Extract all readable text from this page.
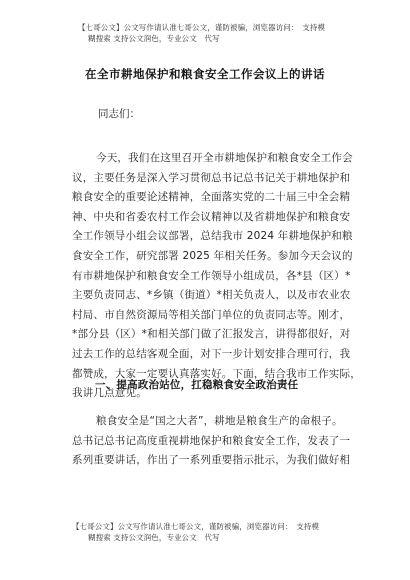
【七哥公文】公文写作请认准七哥公文，谨防被骗，浏览器访问：　支持模
糊搜索 支持公文润色，专业公文　代写
在全市耕地保护和粮食安全工作会议上的讲话
同志们：
今天，我们在这里召开全市耕地保护和粮食安全工作会
议，主要任务是深入学习贯彻总书记总书记关于耕地保护和
粮食安全的重要论述精神，全面落实党的二十届三中全会精
神、中央和省委农村工作会议精神以及省耕地保护和粮食安
全工作领导小组会议部署，总结我市 2024 年耕地保护和粮
食安全工作，研究部署 2025 年相关任务。参加今天会议的
有市耕地保护和粮食安全工作领导小组成员，各*县（区）*
主要负责同志、*乡镇（街道）*相关负责人，以及市农业农
村局、市自然资源局等相关部门单位的负责同志等。刚才，
*部分县（区）*和相关部门做了汇报发言，讲得都很好，对
过去工作的总结客观全面，对下一步计划安排合理可行，我
都赞成，大家一定要认真落实好。下面，结合我市工作实际，
我讲几点意见。
一、提高政治站位，扛稳粮食安全政治责任
粮食安全是“国之大者”，耕地是粮食生产的命根子。
总书记总书记高度重视耕地保护和粮食安全工作，发表了一
系列重要讲话，作出了一系列重要指示批示，为我们做好相
【七哥公文】公文写作请认准七哥公文，谨防被骗，浏览器访问：　支持模
糊搜索 支持公文润色，专业公文　代写
